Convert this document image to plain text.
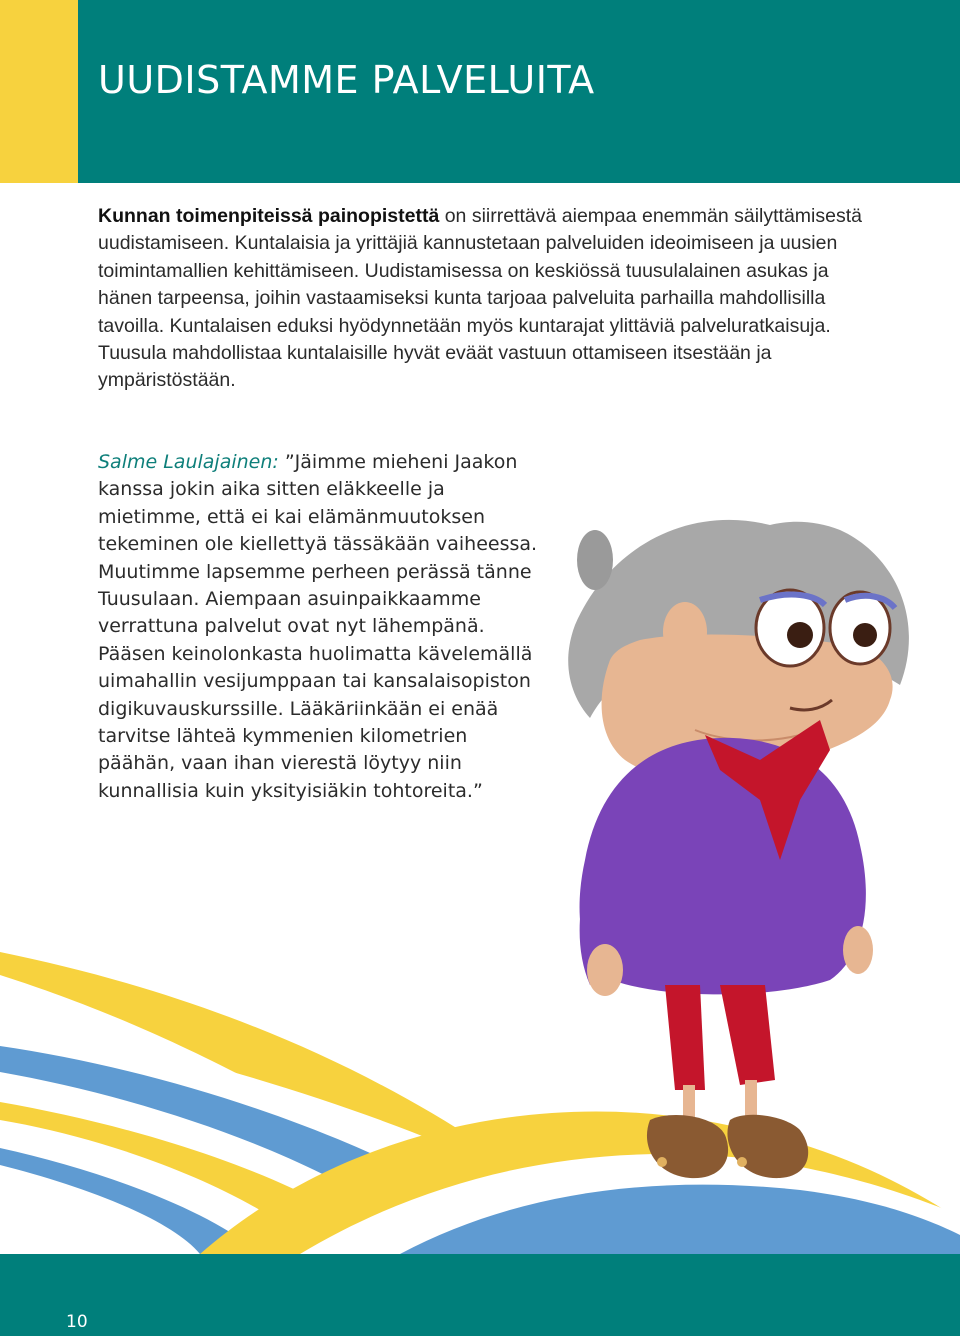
UUDISTAMME PALVELUITA

Kunnan toimenpiteissä painopistettä on siirrettävä aiempaa enemmän säilyttämisestä uudistamiseen. Kuntalaisia ja yrittäjiä kannustetaan palveluiden ideoimiseen ja uusien toimintamallien kehittämiseen. Uudistamisessa on keskiössä tuusulalainen asukas ja hänen tarpeensa, joihin vastaamiseksi kunta tarjoaa palveluita parhailla mahdollisilla tavoilla. Kuntalaisen eduksi hyödynnetään myös kuntarajat ylittäviä palveluratkaisuja. Tuusula mahdollistaa kuntalaisille hyvät eväät vastuun ottamiseen itsestään ja ympäristöstään.

Salme Laulajainen: ”Jäimme mieheni Jaakon kanssa jokin aika sitten eläkkeelle ja mietimme, että ei kai elämänmuutoksen tekeminen ole kiellettyä tässäkään vaiheessa. Muutimme lapsemme perheen perässä tänne Tuusulaan. Aiempaan asuinpaikkaamme verrattuna palvelut ovat nyt lähempänä. Pääsen keinolonkasta huolimatta kävelemällä uimahallin vesijumppaan tai kansalaisopiston digikuvauskurssille. Lääkäriinkään ei enää tarvitse lähteä kymmenien kilometrien päähän, vaan ihan vierestä löytyy niin kunnallisia kuin yksityisiäkin tohtoreita.”

10
